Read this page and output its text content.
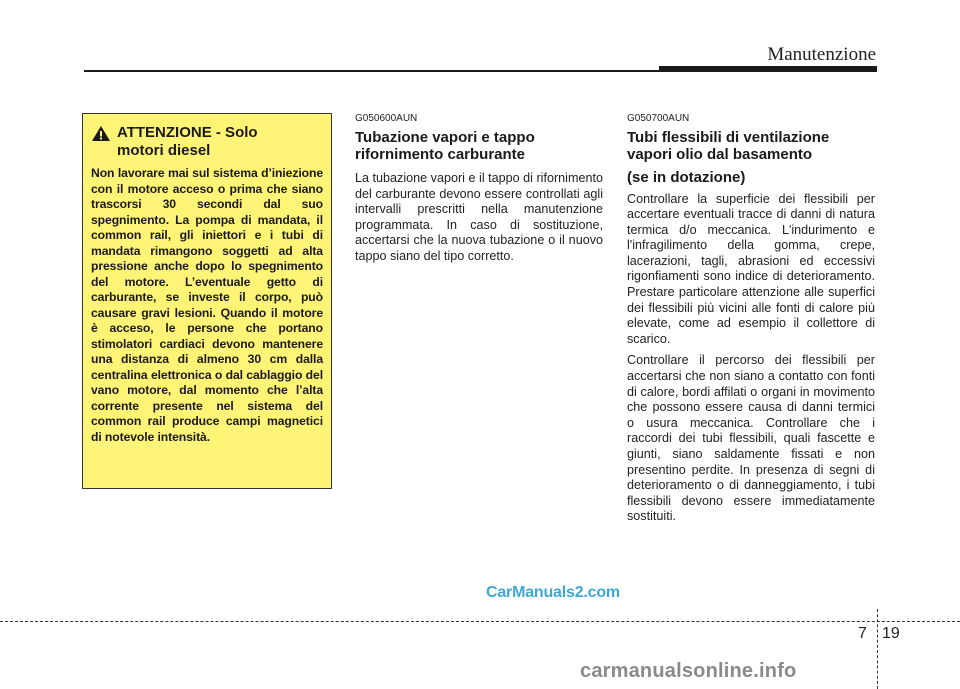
Manutenzione
ATTENZIONE - Solo
motori diesel
Non lavorare mai sul sistema d’iniezione con il motore acceso o prima che siano trascorsi 30 secondi dal suo spegnimento. La pompa di mandata, il common rail, gli iniettori e i tubi di mandata rimangono soggetti ad alta pressione anche dopo lo spegnimento del motore. L’eventuale getto di carburante, se investe il corpo, può causare gravi lesioni. Quando il motore è acceso, le persone che portano stimolatori cardiaci devono mantenere una distanza di almeno 30 cm dalla centralina elettronica o dal cablaggio del vano motore, dal momento che l’alta corrente presente nel sistema del common rail produce campi magnetici di notevole intensità.
G050600AUN
Tubazione vapori e tappo rifornimento carburante

La tubazione vapori e il tappo di rifornimento del carburante devono essere controllati agli intervalli prescritti nella manutenzione programmata. In caso di sostituzione, accertarsi che la nuova tubazione o il nuovo tappo siano del tipo corretto.

G050700AUN
Tubi flessibili di ventilazione vapori olio dal basamento
(se in dotazione)

Controllare la superficie dei flessibili per accertare eventuali tracce di danni di natura termica d/o meccanica. L'indurimento e l'infragilimento della gomma, crepe, lacerazioni, tagli, abrasioni ed eccessivi rigonfiamenti sono indice di deterioramento. Prestare particolare attenzione alle superfici dei flessibili più vicini alle fonti di calore più elevate, come ad esempio il collettore di scarico.

Controllare il percorso dei flessibili per accertarsi che non siano a contatto con fonti di calore, bordi affilati o organi in movimento che possono essere causa di danni termici o usura meccanica. Controllare che i raccordi dei tubi flessibili, quali fascette e giunti, siano saldamente fissati e non presentino perdite. In presenza di segni di deterioramento o di danneggiamento, i tubi flessibili devono essere immediatamente sostituiti.

CarManuals2.com
7 19
carmanualsonline.info
